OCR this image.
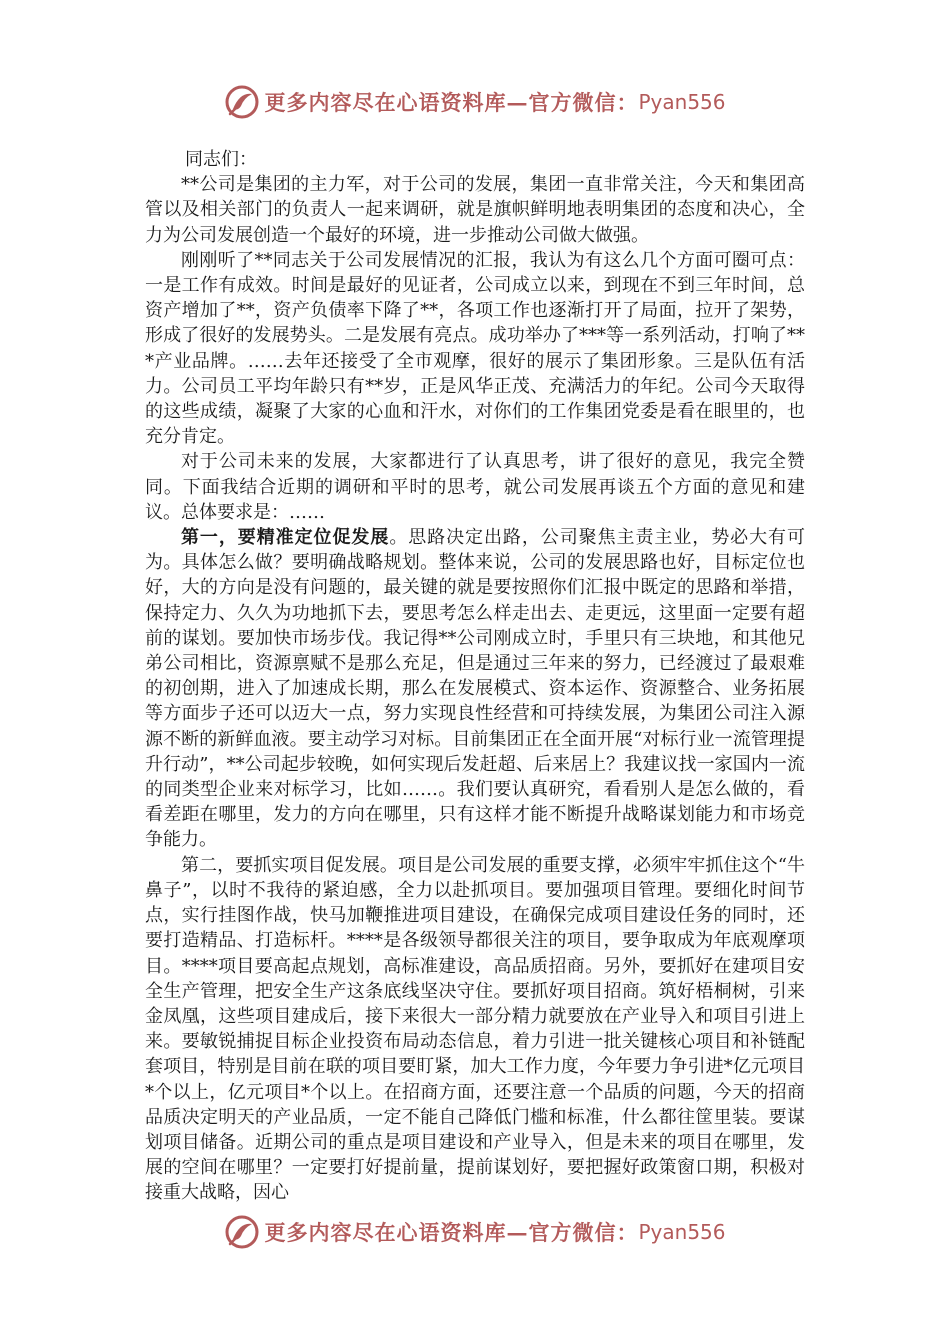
更多内容尽在心语资料库—官方微信： Pyan556

同志们：

**公司是集团的主力军，对于公司的发展，集团一直非常关注，今天和集团高管以及相关部门的负责人一起来调研，就是旗帜鲜明地表明集团的态度和决心，全力为公司发展创造一个最好的环境，进一步推动公司做大做强。

刚刚听了**同志关于公司发展情况的汇报，我认为有这么几个方面可圈可点：一是工作有成效。时间是最好的见证者，公司成立以来，到现在不到三年时间，总资产增加了**，资产负债率下降了**，各项工作也逐渐打开了局面，拉开了架势，形成了很好的发展势头。二是发展有亮点。成功举办了***等一系列活动，打响了***产业品牌。……去年还接受了全市观摩，很好的展示了集团形象。三是队伍有活力。公司员工平均年龄只有**岁，正是风华正茂、充满活力的年纪。公司今天取得的这些成绩，凝聚了大家的心血和汗水，对你们的工作集团党委是看在眼里的，也充分肯定。

对于公司未来的发展，大家都进行了认真思考，讲了很好的意见，我完全赞同。下面我结合近期的调研和平时的思考，就公司发展再谈五个方面的意见和建议。总体要求是：……

第一，要精准定位促发展。思路决定出路，公司聚焦主责主业，势必大有可为。具体怎么做？要明确战略规划。整体来说，公司的发展思路也好，目标定位也好，大的方向是没有问题的，最关键的就是要按照你们汇报中既定的思路和举措，保持定力、久久为功地抓下去，要思考怎么样走出去、走更远，这里面一定要有超前的谋划。要加快市场步伐。我记得**公司刚成立时，手里只有三块地，和其他兄弟公司相比，资源禀赋不是那么充足，但是通过三年来的努力，已经渡过了最艰难的初创期，进入了加速成长期，那么在发展模式、资本运作、资源整合、业务拓展等方面步子还可以迈大一点，努力实现良性经营和可持续发展，为集团公司注入源源不断的新鲜血液。要主动学习对标。目前集团正在全面开展“对标行业一流管理提升行动”，**公司起步较晚，如何实现后发赶超、后来居上？我建议找一家国内一流的同类型企业来对标学习，比如……。我们要认真研究，看看别人是怎么做的，看看差距在哪里，发力的方向在哪里，只有这样才能不断提升战略谋划能力和市场竞争能力。

第二，要抓实项目促发展。项目是公司发展的重要支撑，必须牢牢抓住这个“牛鼻子”，以时不我待的紧迫感，全力以赴抓项目。要加强项目管理。要细化时间节点，实行挂图作战，快马加鞭推进项目建设，在确保完成项目建设任务的同时，还要打造精品、打造标杆。****是各级领导都很关注的项目，要争取成为年底观摩项目。****项目要高起点规划，高标准建设，高品质招商。另外，要抓好在建项目安全生产管理，把安全生产这条底线坚决守住。要抓好项目招商。筑好梧桐树，引来金凤凰，这些项目建成后，接下来很大一部分精力就要放在产业导入和项目引进上来。要敏锐捕捉目标企业投资布局动态信息，着力引进一批关键核心项目和补链配套项目，特别是目前在联的项目要盯紧，加大工作力度，今年要力争引进*亿元项目*个以上，亿元项目*个以上。在招商方面，还要注意一个品质的问题，今天的招商品质决定明天的产业品质，一定不能自己降低门槛和标准，什么都往筐里装。要谋划项目储备。近期公司的重点是项目建设和产业导入，但是未来的项目在哪里，发展的空间在哪里？一定要打好提前量，提前谋划好，要把握好政策窗口期，积极对接重大战略，因心

更多内容尽在心语资料库—官方微信： Pyan556
